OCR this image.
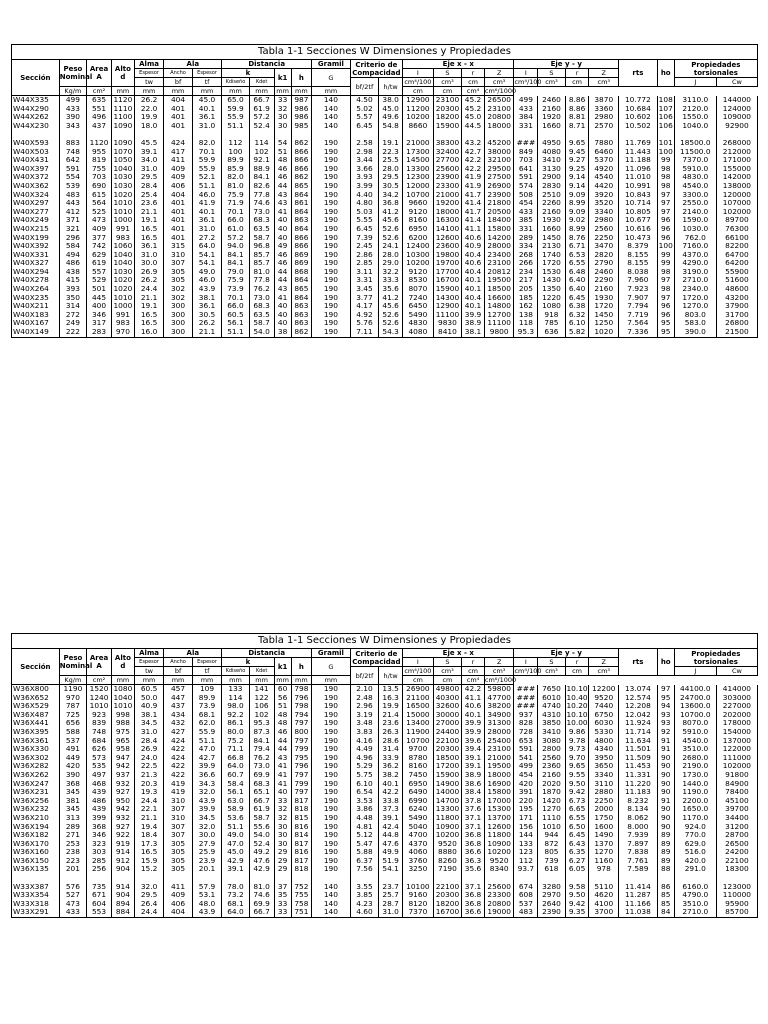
Tabla 1-1 Secciones W Dimensiones y Propiedades																									
Sección	Peso Nominal	Area A	Alto d	Alma	Ala		Distancia				Gramil	Criterio de Compacidad		Eje x - x				Eje y - y				rts	ho	Propiedades torsionales	
				Espesor	Ancho	Espesor	k		k1	h	G			I	S	r	Z	I	S	r	Z				
				tw	bf	tf	Kdiseño	Kdet				bf/2tf	h/tw	cm⁴/100	cm³	cm	cm³	cm⁴/100	cm³	cm	cm³			J	Cw
	Kg/m	cm²	mm	mm	mm	mm	mm	mm	mm	mm	mm			cm	cm	cm⁴	cm⁶/1000								
W44X335	499	635	1120	26.2	404	45.0	65.0	66.7	33	987	140	4.50	38.0	12900	23100	45.2	26500	499	2460	8.86	3870	10.772	108	3110.0	144000
W44X290	433	551	1110	22.0	401	40.1	59.9	61.9	32	986	140	5.02	45.0	11200	20300	45.2	23100	433	2160	8.86	3360	10.684	107	2120.0	124000
W44X262	390	496	1100	19.9	401	36.1	55.9	57.2	30	986	140	5.57	49.6	10200	18200	45.0	20800	384	1920	8.81	2980	10.602	106	1550.0	109000
W44X230	343	437	1090	18.0	401	31.0	51.1	52.4	30	985	140	6.45	54.8	8660	15900	44.5	18000	331	1660	8.71	2570	10.502	106	1040.0	92900

W40X593	883	1120	1090	45.5	424	82.0	112	114	54	862	190	2.58	19.1	21000	38300	43.2	45200	###	4950	9.65	7880	11.769	101	18500.0	268000
W40X503	748	955	1070	39.1	417	70.1	100	102	51	866	190	2.98	22.3	17300	32400	42.7	38000	849	4080	9.45	6460	11.443	100	11500.0	212000
W40X431	642	819	1050	34.0	411	59.9	89.9	92.1	48	866	190	3.44	25.5	14500	27700	42.2	32100	703	3410	9.27	5370	11.188	99	7370.0	171000
W40X397	591	755	1040	31.0	409	55.9	85.9	88.9	46	866	190	3.66	28.0	13300	25600	42.2	29500	641	3130	9.25	4920	11.096	98	5910.0	155000
W40X372	554	703	1030	29.5	409	52.1	82.0	84.1	46	862	190	3.93	29.5	12300	23900	41.9	27500	591	2900	9.14	4540	11.010	98	4830.0	142000
W40X362	539	690	1030	28.4	406	51.1	81.0	82.6	44	865	190	3.99	30.5	12000	23300	41.9	26900	574	2830	9.14	4420	10.991	98	4540.0	138000
W40X324	483	615	1020	25.4	404	46.0	75.9	77.8	43	864	190	4.40	34.2	10700	21000	41.7	23900	508	2510	9.09	3920	10.843	97	3300.0	120000
W40X297	443	564	1010	23.6	401	41.9	71.9	74.6	43	861	190	4.80	36.8	9660	19200	41.4	21800	454	2260	8.99	3520	10.714	97	2550.0	107000
W40X277	412	525	1010	21.1	401	40.1	70.1	73.0	41	864	190	5.03	41.2	9120	18000	41.7	20500	433	2160	9.09	3340	10.805	97	2140.0	102000
W40X249	371	473	1000	19.1	401	36.1	66.0	68.3	40	863	190	5.55	45.6	8160	16300	41.4	18400	385	1930	9.02	2980	10.677	96	1590.0	89700
W40X215	321	409	991	16.5	401	31.0	61.0	63.5	40	864	190	6.45	52.6	6950	14100	41.1	15800	331	1660	8.99	2560	10.616	96	1030.0	76300
W40X199	296	377	983	16.5	401	27.2	57.2	58.7	40	866	190	7.39	52.6	6200	12600	40.6	14200	289	1450	8.76	2250	10.473	96	762.0	66100
W40X392	584	742	1060	36.1	315	64.0	94.0	96.8	49	866	190	2.45	24.1	12400	23600	40.9	28000	334	2130	6.71	3470	8.379	100	7160.0	82200
W40X331	494	629	1040	31.0	310	54.1	84.1	85.7	46	869	190	2.86	28.0	10300	19800	40.4	23400	268	1740	6.53	2820	8.155	99	4370.0	64700
W40X327	486	619	1040	30.0	307	54.1	84.1	85.7	46	869	190	2.85	29.0	10200	19700	40.6	23100	266	1720	6.55	2790	8.155	99	4290.0	64200
W40X294	438	557	1030	26.9	305	49.0	79.0	81.0	44	868	190	3.11	32.2	9120	17700	40.4	20812	234	1530	6.48	2460	8.038	98	3190.0	55900
W40X278	415	529	1020	26.2	305	46.0	75.9	77.8	44	864	190	3.31	33.3	8530	16700	40.1	19500	217	1430	6.40	2290	7.960	97	2710.0	51600
W40X264	393	501	1020	24.4	302	43.9	73.9	76.2	43	865	190	3.45	35.6	8070	15900	40.1	18500	205	1350	6.40	2160	7.923	98	2340.0	48600
W40X235	350	445	1010	21.1	302	38.1	70.1	73.0	41	864	190	3.77	41.2	7240	14300	40.4	16600	185	1220	6.45	1930	7.907	97	1720.0	43200
W40X211	314	400	1000	19.1	300	36.1	66.0	68.3	40	863	190	4.17	45.6	6450	12900	40.1	14800	162	1080	6.38	1720	7.794	96	1270.0	37900
W40X183	272	346	991	16.5	300	30.5	60.5	63.5	40	863	190	4.92	52.6	5490	11100	39.9	12700	138	918	6.32	1450	7.719	96	803.0	31700
W40X167	249	317	983	16.5	300	26.2	56.1	58.7	40	863	190	5.76	52.6	4830	9830	38.9	11100	118	785	6.10	1250	7.564	95	583.0	26800
W40X149	222	283	970	16.0	300	21.1	51.1	54.0	38	862	190	7.11	54.3	4080	8410	38.1	9800	95.3	636	5.82	1020	7.336	95	390.0	21500
Tabla 1-1 Secciones W Dimensiones y Propiedades																									
Sección	Peso Nominal	Area A	Alto d	Alma	Ala		Distancia				Gramil	Criterio de Compacidad		Eje x - x				Eje y - y				rts	ho	Propiedades torsionales	
				Espesor	Ancho	Espesor	k		k1	h	G			I	S	r	Z	I	S	r	Z				
				tw	bf	tf	Kdiseño	Kdet				bf/2tf	h/tw	cm⁴/100	cm³	cm	cm³	cm⁴/100	cm³	cm	cm³			J	Cw
	Kg/m	cm²	mm	mm	mm	mm	mm	mm	mm	mm	mm			cm	cm	cm⁴	cm⁶/1000								
W36X800	1190	1520	1080	60.5	457	109	133	141	60	798	190	2.10	13.5	26900	49800	42.2	59800	###	7650	10.10	12200	13.074	97	44100.0	414000
W36X652	970	1240	1040	50.0	447	89.9	114	122	56	796	190	2.48	16.3	21100	40300	41.1	47700	###	6010	10.40	9520	12.574	95	24700.0	303000
W36X529	787	1010	1010	40.9	437	73.9	98.0	106	51	798	190	2.96	19.9	16500	32600	40.6	38200	###	4740	10.20	7440	12.208	94	13600.0	227000
W36X487	725	923	998	38.1	434	68.1	92.2	102	48	794	190	3.19	21.4	15000	30000	40.1	34900	937	4310	10.10	6750	12.042	93	10700.0	202000
W36X441	656	839	988	34.5	432	62.0	86.1	95.3	48	797	190	3.48	23.6	13400	27000	39.9	31300	828	3850	10.00	6030	11.924	93	8070.0	178000
W36X395	588	748	975	31.0	427	55.9	80.0	87.3	46	800	190	3.83	26.3	11900	24400	39.9	28000	728	3410	9.86	5330	11.714	92	5910.0	154000
W36X361	537	684	965	28.4	424	51.1	75.2	84.1	44	797	190	4.16	28.6	10700	22100	39.6	25400	653	3080	9.78	4800	11.634	91	4540.0	137000
W36X330	491	626	958	26.9	422	47.0	71.1	79.4	44	799	190	4.49	31.4	9700	20300	39.4	23100	591	2800	9.73	4340	11.501	91	3510.0	122000
W36X302	449	573	947	24.0	424	42.7	66.8	76.2	43	795	190	4.96	33.9	8780	18500	39.1	21000	541	2560	9.70	3950	11.509	90	2680.0	111000
W36X282	420	535	942	22.5	422	39.9	64.0	73.0	41	796	190	5.29	36.2	8160	17200	39.1	19500	499	2360	9.65	3650	11.453	90	2190.0	102000
W36X262	390	497	937	21.3	422	36.6	60.7	69.9	41	797	190	5.75	38.2	7450	15900	38.9	18000	454	2160	9.55	3340	11.331	90	1730.0	91800
W36X247	368	468	932	20.3	419	34.3	58.4	68.3	41	799	190	6.10	40.1	6950	14900	38.6	16900	420	2020	9.50	3110	11.220	90	1440.0	84900
W36X231	345	439	927	19.3	419	32.0	56.1	65.1	40	797	190	6.54	42.2	6490	14000	38.4	15800	391	1870	9.42	2880	11.183	90	1190.0	78400
W36X256	381	486	950	24.4	310	43.9	63.0	66.7	33	817	190	3.53	33.8	6990	14700	37.8	17000	220	1420	6.73	2250	8.232	91	2200.0	45100
W36X232	345	439	942	22.1	307	39.9	58.9	61.9	32	818	190	3.86	37.3	6240	13300	37.6	15300	195	1270	6.65	2000	8.134	90	1650.0	39700
W36X210	313	399	932	21.1	310	34.5	53.6	58.7	32	815	190	4.48	39.1	5490	11800	37.1	13700	171	1110	6.55	1750	8.062	90	1170.0	34400
W36X194	289	368	927	19.4	307	32.0	51.1	55.6	30	816	190	4.81	42.4	5040	10900	37.1	12600	156	1010	6.50	1600	8.000	90	924.0	31200
W36X182	271	346	922	18.4	307	30.0	49.0	54.0	30	814	190	5.12	44.8	4700	10200	36.8	11800	144	944	6.45	1490	7.939	89	770.0	28700
W36X170	253	323	919	17.3	305	27.9	47.0	52.4	30	817	190	5.47	47.6	4370	9520	36.8	10900	133	872	6.43	1370	7.897	89	629.0	26500
W36X160	238	303	914	16.5	305	25.9	45.0	49.2	29	816	190	5.88	49.9	4060	8880	36.6	10200	123	805	6.35	1270	7.838	89	516.0	24200
W36X150	223	285	912	15.9	305	23.9	42.9	47.6	29	817	190	6.37	51.9	3760	8260	36.3	9520	112	739	6.27	1160	7.761	89	420.0	22100
W36X135	201	256	904	15.2	305	20.1	39.1	42.9	29	818	190	7.56	54.1	3250	7190	35.6	8340	93.7	618	6.05	978	7.589	88	291.0	18300

W33X387	576	735	914	32.0	411	57.9	78.0	81.0	37	752	140	3.55	23.7	10100	22100	37.1	25600	674	3280	9.58	5110	11.414	86	6160.0	123000
W33X354	527	671	904	29.5	409	53.1	73.2	74.6	35	755	140	3.85	25.7	9160	20300	36.8	23300	608	2970	9.50	4620	11.287	85	4790.0	110000
W33X318	473	604	894	26.4	406	48.0	68.1	69.9	33	758	140	4.23	28.7	8120	18200	36.8	20800	537	2640	9.42	4100	11.166	85	3510.0	95900
W33X291	433	553	884	24.4	404	43.9	64.0	66.7	33	751	140	4.60	31.0	7370	16700	36.6	19000	483	2390	9.35	3700	11.038	84	2710.0	85700
